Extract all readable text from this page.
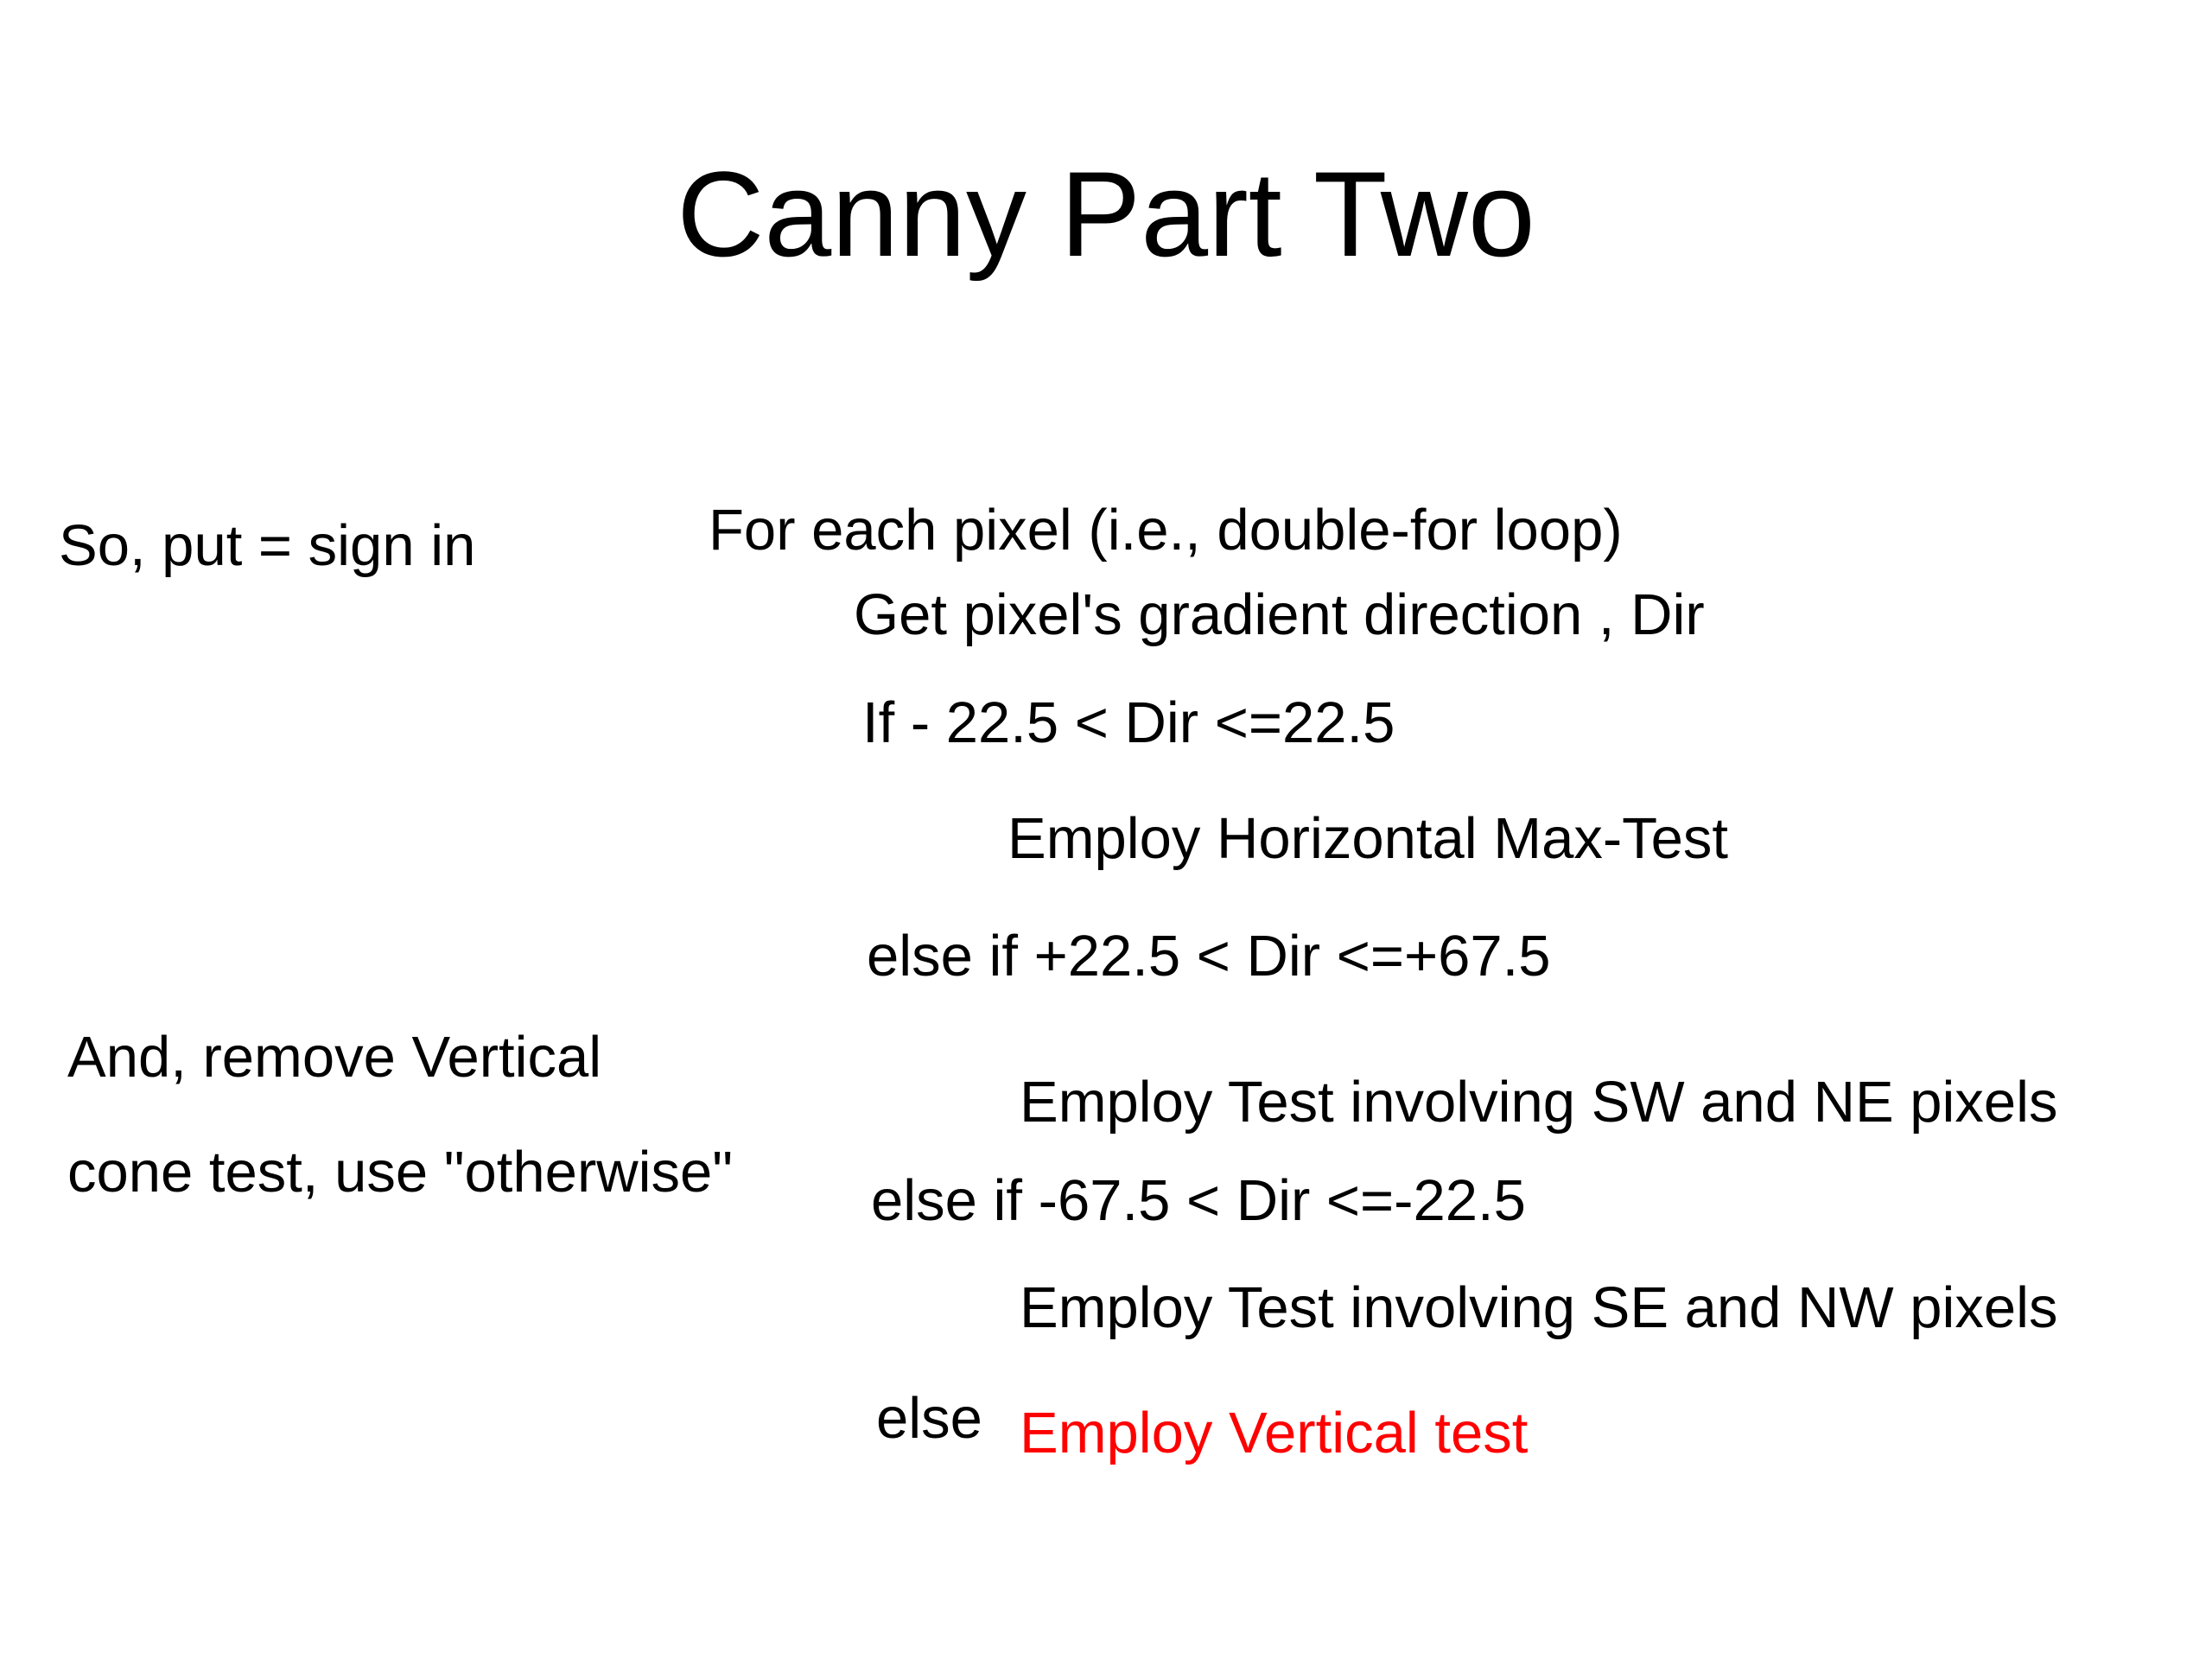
Canny Part Two
So, put = sign in
And, remove Vertical
cone test, use "otherwise"
For each pixel (i.e., double-for loop)
Get pixel's gradient direction , Dir
If - 22.5 < Dir <=22.5
Employ Horizontal Max-Test
else if +22.5 < Dir <=+67.5
Employ Test involving SW and NE pixels
else if -67.5 < Dir <=-22.5
Employ Test involving SE and NW pixels
else Employ Vertical test
